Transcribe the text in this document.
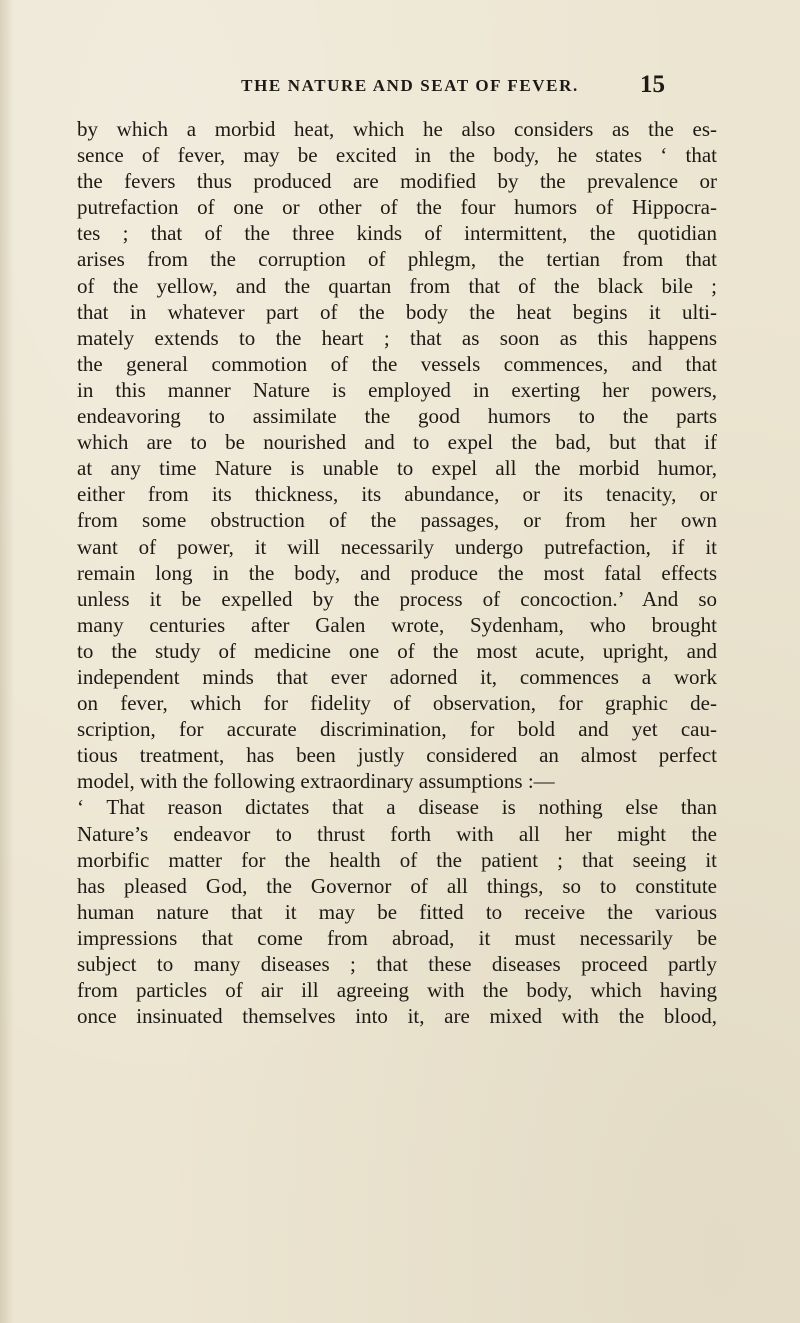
THE NATURE AND SEAT OF FEVER.	15
by which a morbid heat, which he also considers as the es-
sence of fever, may be excited in the body, he states ‘ that
the fevers thus produced are modified by the prevalence or
putrefaction of one or other of the four humors of Hippocra-
tes ; that of the three kinds of intermittent, the quotidian
arises from the corruption of phlegm, the tertian from that
of the yellow, and the quartan from that of the black bile ;
that in whatever part of the body the heat begins it ulti-
mately extends to the heart ; that as soon as this happens
the general commotion of the vessels commences, and that
in this manner Nature is employed in exerting her powers,
endeavoring to assimilate the good humors to the parts
which are to be nourished and to expel the bad, but that if
at any time Nature is unable to expel all the morbid humor,
either from its thickness, its abundance, or its tenacity, or
from some obstruction of the passages, or from her own
want of power, it will necessarily undergo putrefaction, if it
remain long in the body, and produce the most fatal effects
unless it be expelled by the process of concoction.’ And so
many centuries after Galen wrote, Sydenham, who brought
to the study of medicine one of the most acute, upright, and
independent minds that ever adorned it, commences a work
on fever, which for fidelity of observation, for graphic de-
scription, for accurate discrimination, for bold and yet cau-
tious treatment, has been justly considered an almost perfect
model, with the following extraordinary assumptions :—
‘ That reason dictates that a disease is nothing else than
Nature’s endeavor to thrust forth with all her might the
morbific matter for the health of the patient ; that seeing it
has pleased God, the Governor of all things, so to constitute
human nature that it may be fitted to receive the various
impressions that come from abroad, it must necessarily be
subject to many diseases ; that these diseases proceed partly
from particles of air ill agreeing with the body, which having
once insinuated themselves into it, are mixed with the blood,
